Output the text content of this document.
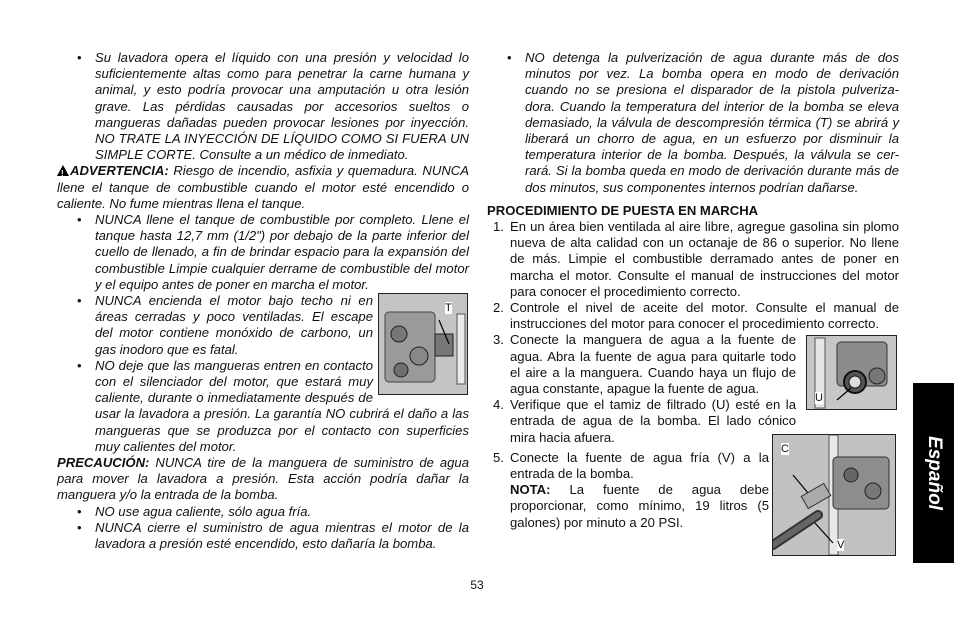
• Su lavadora opera el líquido con una presión y velocidad lo suficientemente altas como para penetrar la carne humana y animal, y esto podría provocar una amputación u otra lesión grave. Las pérdidas causadas por accesorios sueltos o mangueras dañadas pueden provocar lesiones por inyección. NO TRATE LA INYECCIÓN DE LÍQUIDO COMO SI FUERA UN SIMPLE CORTE. Consulte a un médico de inmediato.
!ADVERTENCIA: Riesgo de incendio, asfixia y quemadura. NUNCA llene el tanque de combustible cuando el motor esté encendido o caliente. No fume mientras llena el tanque.
• NUNCA llene el tanque de combustible por completo. Llene el tanque hasta 12,7 mm (1/2") por debajo de la parte inferior del cuello de llenado, a fin de brindar espacio para la expansión del combustible Limpie cualquier derrame de combustible del motor y el equipo antes de poner en marcha el motor.
• NUNCA encienda el motor bajo techo ni en áreas cerradas y poco ventiladas. El escape del motor contiene monóxido de carbono, un gas inodoro que es fatal.
• NO deje que las mangueras entren en contacto con el silenciador del motor, que estará muy caliente, durante o inmediatamente después de usar la lavadora a presión. La garantía NO cubrirá el daño a las mangueras que se produzca por el contacto con superficies muy calientes del motor.
PRECAUCIÓN: NUNCA tire de la manguera de suministro de agua para mover la lavadora a presión. Esta acción podría dañar la manguera y/o la entrada de la bomba.
• NO use agua caliente, sólo agua fría.
• NUNCA cierre el suministro de agua mientras el motor de la lavadora a presión esté encendido, esto dañaría la bomba.
T
• NO detenga la pulverización de agua durante más de dos minutos por vez. La bomba opera en modo de derivación cuando no se presiona el disparador de la pistola pulveriza-dora. Cuando la temperatura del interior de la bomba se eleva demasiado, la válvula de descompresión térmica (T) se abrirá y liberará un chorro de agua, en un esfuerzo por disminuir la temperatura interior de la bomba. Después, la válvula se cer-rará. Si la bomba queda en modo de derivación durante más de dos minutos, sus componentes internos podrían dañarse.
PROCEDIMIENTO DE PUESTA EN MARCHA
1. En un área bien ventilada al aire libre, agregue gasolina sin plomo nueva de alta calidad con un octanaje de 86 o superior. No llene de más. Limpie el combustible derramado antes de poner en marcha el motor. Consulte el manual de instrucciones del motor para conocer el procedimiento correcto.
2. Controle el nivel de aceite del motor. Consulte el manual de instrucciones del motor para conocer el procedimiento correcto.
3. Conecte la manguera de agua a la fuente de agua. Abra la fuente de agua para quitarle todo el aire a la manguera. Cuando haya un flujo de agua constante, apague la fuente de agua.
4. Verifique que el tamiz de filtrado (U) esté en la entrada de agua de la bomba. El lado cónico mira hacia afuera.
5. Conecte la fuente de agua fría (V) a la entrada de la bomba.
NOTA: La fuente de agua debe proporcionar, como mínimo, 19 litros (5 galones) por minuto a 20 PSI.
U
C
V
Español
53
